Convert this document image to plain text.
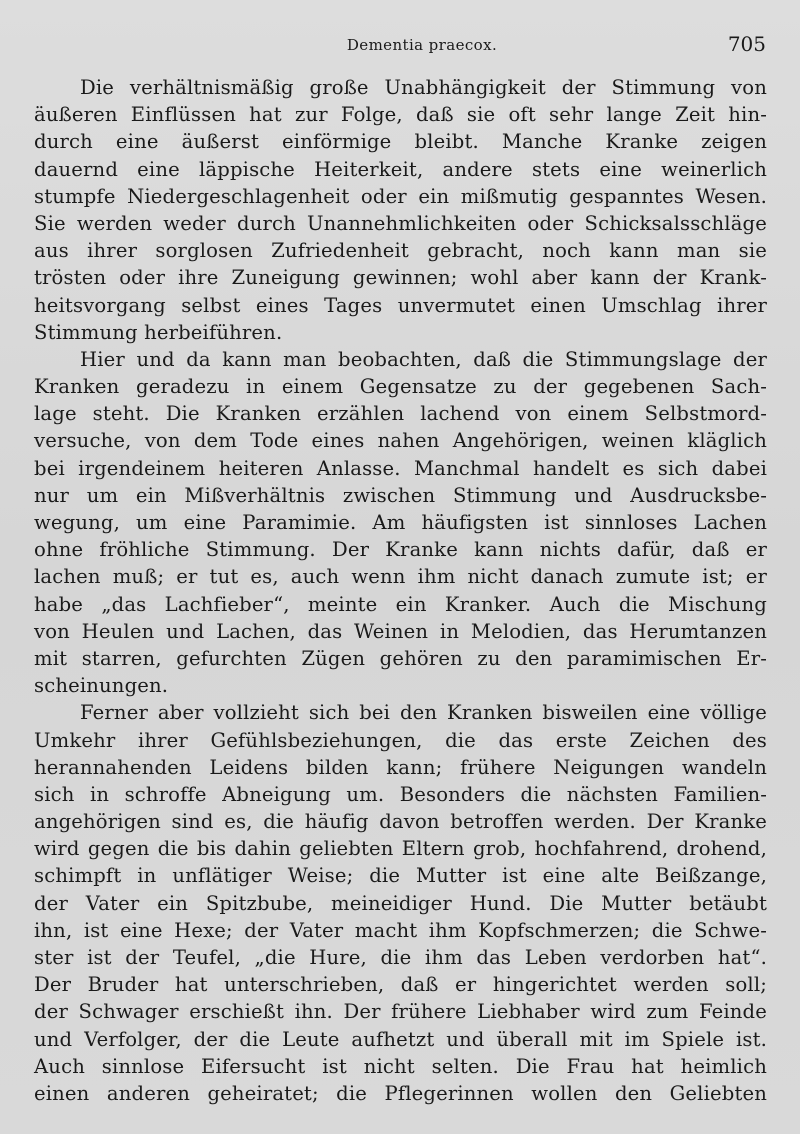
Dementia praecox.	705
Die verhältnismäßig große Unabhängigkeit der Stimmung von
äußeren Einflüssen hat zur Folge, daß sie oft sehr lange Zeit hin-
durch eine äußerst einförmige bleibt. Manche Kranke zeigen
dauernd eine läppische Heiterkeit, andere stets eine weinerlich
stumpfe Niedergeschlagenheit oder ein mißmutig gespanntes Wesen.
Sie werden weder durch Unannehmlichkeiten oder Schicksalsschläge
aus ihrer sorglosen Zufriedenheit gebracht, noch kann man sie
trösten oder ihre Zuneigung gewinnen; wohl aber kann der Krank-
heitsvorgang selbst eines Tages unvermutet einen Umschlag ihrer
Stimmung herbeiführen.
Hier und da kann man beobachten, daß die Stimmungslage der
Kranken geradezu in einem Gegensatze zu der gegebenen Sach-
lage steht. Die Kranken erzählen lachend von einem Selbstmord-
versuche, von dem Tode eines nahen Angehörigen, weinen kläglich
bei irgendeinem heiteren Anlasse. Manchmal handelt es sich dabei
nur um ein Mißverhältnis zwischen Stimmung und Ausdrucksbe-
wegung, um eine Paramimie. Am häufigsten ist sinnloses Lachen
ohne fröhliche Stimmung. Der Kranke kann nichts dafür, daß er
lachen muß; er tut es, auch wenn ihm nicht danach zumute ist; er
habe „das Lachfieber“, meinte ein Kranker. Auch die Mischung
von Heulen und Lachen, das Weinen in Melodien, das Herumtanzen
mit starren, gefurchten Zügen gehören zu den paramimischen Er-
scheinungen.
Ferner aber vollzieht sich bei den Kranken bisweilen eine völlige
Umkehr ihrer Gefühlsbeziehungen, die das erste Zeichen des
herannahenden Leidens bilden kann; frühere Neigungen wandeln
sich in schroffe Abneigung um. Besonders die nächsten Familien-
angehörigen sind es, die häufig davon betroffen werden. Der Kranke
wird gegen die bis dahin geliebten Eltern grob, hochfahrend, drohend,
schimpft in unflätiger Weise; die Mutter ist eine alte Beißzange,
der Vater ein Spitzbube, meineidiger Hund. Die Mutter betäubt
ihn, ist eine Hexe; der Vater macht ihm Kopfschmerzen; die Schwe-
ster ist der Teufel, „die Hure, die ihm das Leben verdorben hat“.
Der Bruder hat unterschrieben, daß er hingerichtet werden soll;
der Schwager erschießt ihn. Der frühere Liebhaber wird zum Feinde
und Verfolger, der die Leute aufhetzt und überall mit im Spiele ist.
Auch sinnlose Eifersucht ist nicht selten. Die Frau hat heimlich
einen anderen geheiratet; die Pflegerinnen wollen den Geliebten
